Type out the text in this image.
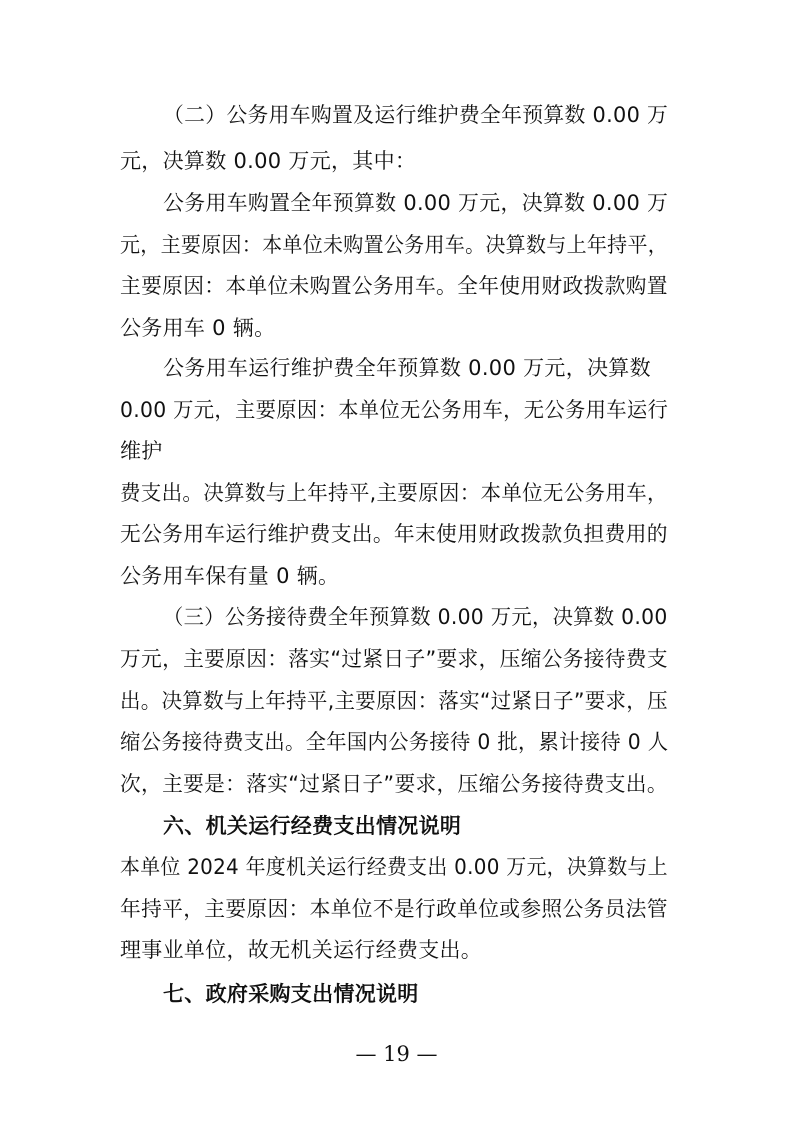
（二）公务用车购置及运行维护费全年预算数 0.00 万
元，决算数 0.00 万元，其中：
公务用车购置全年预算数 0.00 万元，决算数 0.00 万
元，主要原因：本单位未购置公务用车。决算数与上年持平，
主要原因：本单位未购置公务用车。全年使用财政拨款购置
公务用车 0 辆。
公务用车运行维护费全年预算数 0.00 万元，决算数
0.00 万元，主要原因：本单位无公务用车，无公务用车运行
维护
费支出。决算数与上年持平,主要原因：本单位无公务用车，
无公务用车运行维护费支出。年末使用财政拨款负担费用的
公务用车保有量 0 辆。
（三）公务接待费全年预算数 0.00 万元，决算数 0.00
万元，主要原因：落实“过紧日子”要求，压缩公务接待费支
出。决算数与上年持平,主要原因：落实“过紧日子”要求，压
缩公务接待费支出。全年国内公务接待 0 批，累计接待 0 人
次，主要是：落实“过紧日子”要求，压缩公务接待费支出。
六、机关运行经费支出情况说明
本单位 2024 年度机关运行经费支出 0.00 万元，决算数与上
年持平，主要原因：本单位不是行政单位或参照公务员法管
理事业单位，故无机关运行经费支出。
七、政府采购支出情况说明
— 19 —
